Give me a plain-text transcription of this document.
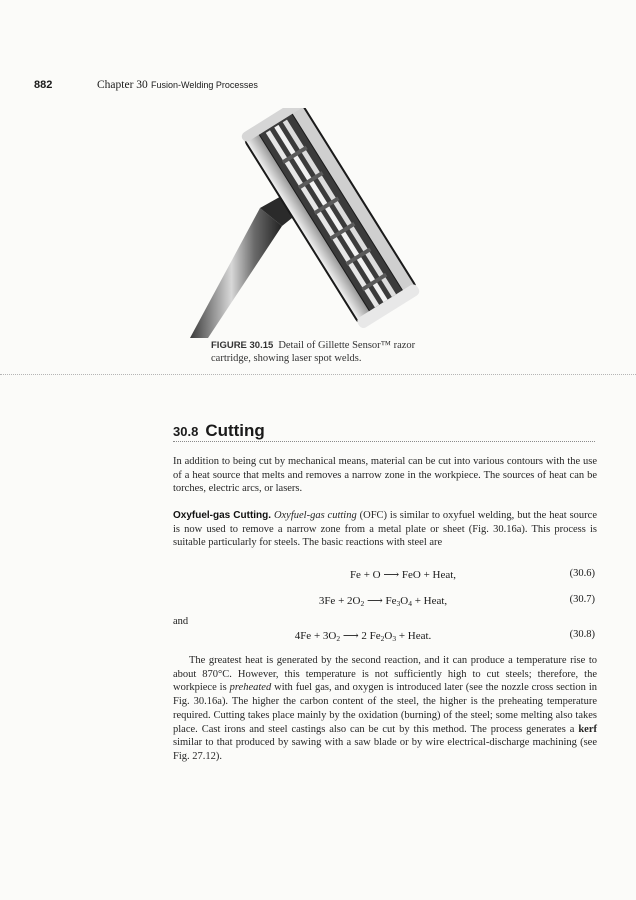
882	Chapter 30 Fusion-Welding Processes
FIGURE 30.15 Detail of Gillette Sensor™ razor cartridge, showing laser spot welds.
30.8 Cutting
In addition to being cut by mechanical means, material can be cut into various contours with the use of a heat source that melts and removes a narrow zone in the workpiece. The sources of heat can be torches, electric arcs, or lasers.
Oxyfuel-gas Cutting. Oxyfuel-gas cutting (OFC) is similar to oxyfuel welding, but the heat source is now used to remove a narrow zone from a metal plate or sheet (Fig. 30.16a). This process is suitable particularly for steels. The basic reactions with steel are
Fe + O ⟶ FeO + Heat,	(30.6)
$3Fe + 2O_2$ ⟶ $Fe_3O_4$ + Heat,	(30.7)
and
$4Fe + 3O_2$ ⟶ 2 $Fe_2O_3$ + Heat.	(30.8)
The greatest heat is generated by the second reaction, and it can produce a temperature rise to about 870°C. However, this temperature is not sufficiently high to cut steels; therefore, the workpiece is preheated with fuel gas, and oxygen is introduced later (see the nozzle cross section in Fig. 30.16a). The higher the carbon content of the steel, the higher is the preheating temperature required. Cutting takes place mainly by the oxidation (burning) of the steel; some melting also takes place. Cast irons and steel castings also can be cut by this method. The process generates a kerf similar to that produced by sawing with a saw blade or by wire electrical-discharge machining (see Fig. 27.12).
